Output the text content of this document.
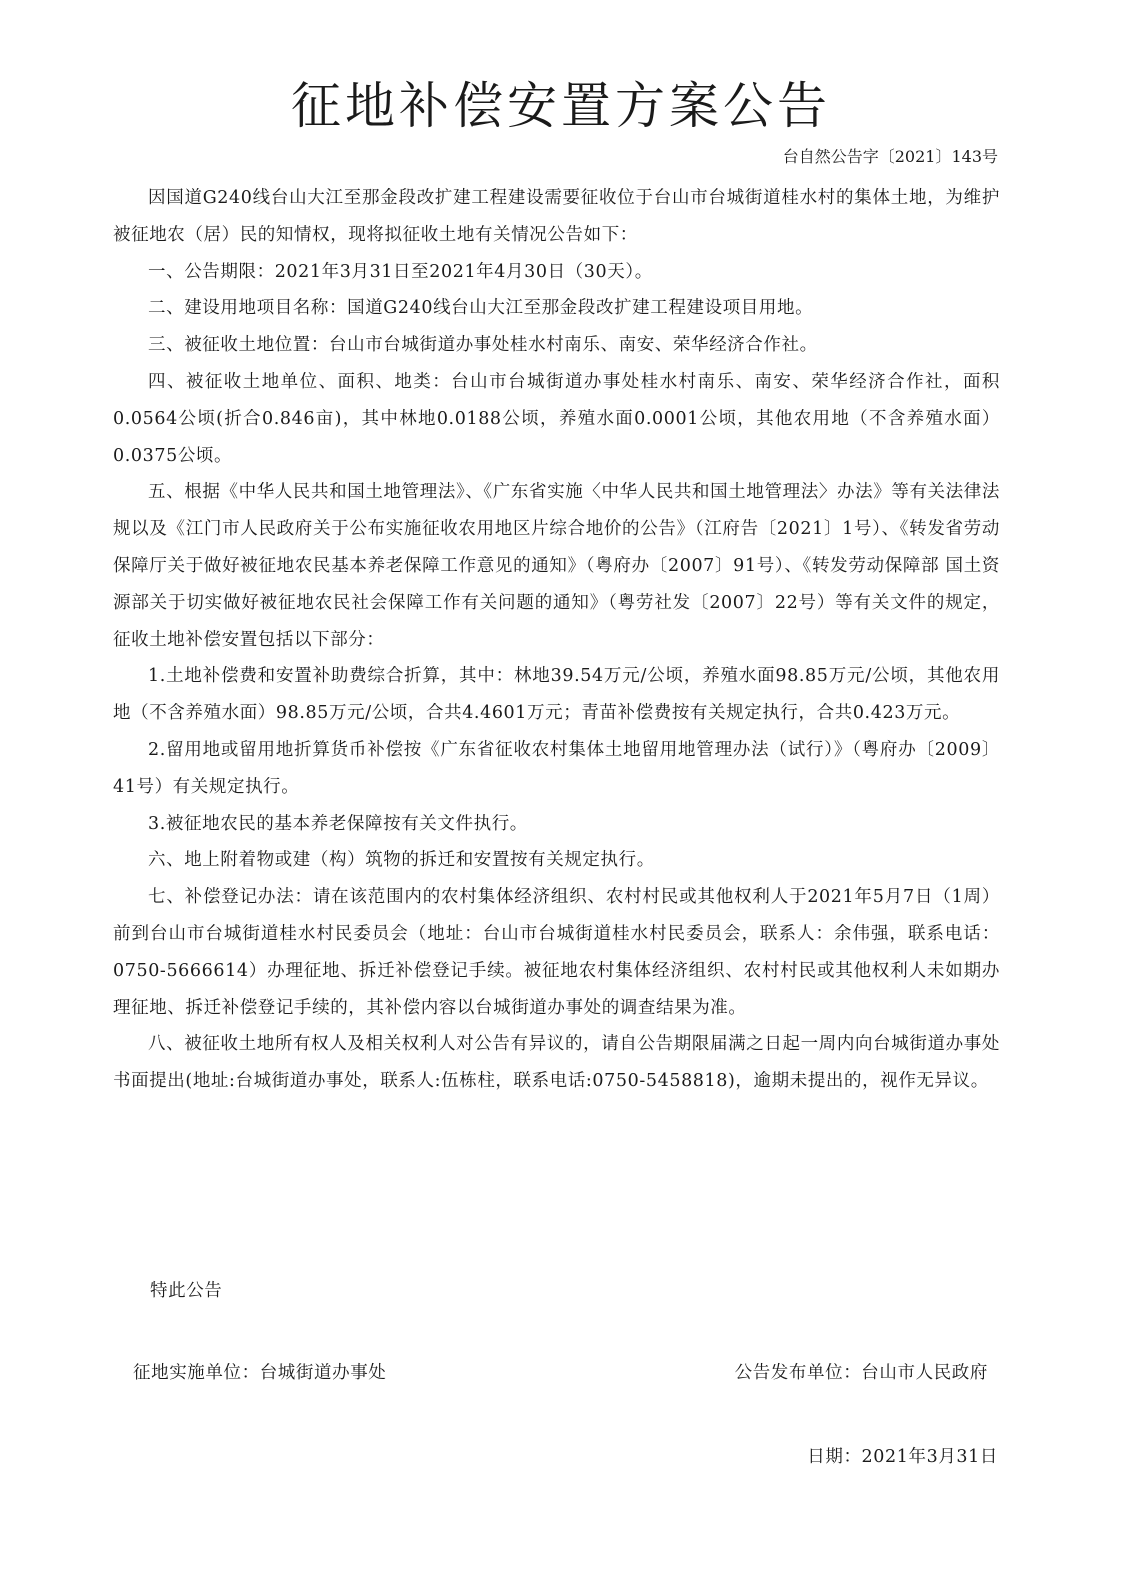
征地补偿安置方案公告
台自然公告字〔2021〕143号

因国道G240线台山大江至那金段改扩建工程建设需要征收位于台山市台城街道桂水村的集体土地，为维护被征地农（居）民的知情权，现将拟征收土地有关情况公告如下：

一、公告期限：2021年3月31日至2021年4月30日（30天）。

二、建设用地项目名称：国道G240线台山大江至那金段改扩建工程建设项目用地。

三、被征收土地位置：台山市台城街道办事处桂水村南乐、南安、荣华经济合作社。

四、被征收土地单位、面积、地类：台山市台城街道办事处桂水村南乐、南安、荣华经济合作社，面积0.0564公顷(折合0.846亩)，其中林地0.0188公顷，养殖水面0.0001公顷，其他农用地（不含养殖水面）0.0375公顷。

五、根据《中华人民共和国土地管理法》、《广东省实施〈中华人民共和国土地管理法〉办法》等有关法律法规以及《江门市人民政府关于公布实施征收农用地区片综合地价的公告》（江府告〔2021〕1号）、《转发省劳动保障厅关于做好被征地农民基本养老保障工作意见的通知》（粤府办〔2007〕91号）、《转发劳动保障部 国土资源部关于切实做好被征地农民社会保障工作有关问题的通知》（粤劳社发〔2007〕22号）等有关文件的规定，征收土地补偿安置包括以下部分：

1.土地补偿费和安置补助费综合折算，其中：林地39.54万元/公顷，养殖水面98.85万元/公顷，其他农用地（不含养殖水面）98.85万元/公顷，合共4.4601万元；青苗补偿费按有关规定执行，合共0.423万元。

2.留用地或留用地折算货币补偿按《广东省征收农村集体土地留用地管理办法（试行）》（粤府办〔2009〕41号）有关规定执行。

3.被征地农民的基本养老保障按有关文件执行。

六、地上附着物或建（构）筑物的拆迁和安置按有关规定执行。

七、补偿登记办法：请在该范围内的农村集体经济组织、农村村民或其他权利人于2021年5月7日（1周）前到台山市台城街道桂水村民委员会（地址：台山市台城街道桂水村民委员会，联系人：余伟强，联系电话：0750-5666614）办理征地、拆迁补偿登记手续。被征地农村集体经济组织、农村村民或其他权利人未如期办理征地、拆迁补偿登记手续的，其补偿内容以台城街道办事处的调查结果为准。

八、被征收土地所有权人及相关权利人对公告有异议的，请自公告期限届满之日起一周内向台城街道办事处书面提出(地址:台城街道办事处，联系人:伍栋柱，联系电话:0750-5458818)，逾期未提出的，视作无异议。

特此公告
征地实施单位：台城街道办事处	公告发布单位：台山市人民政府
日期：2021年3月31日
